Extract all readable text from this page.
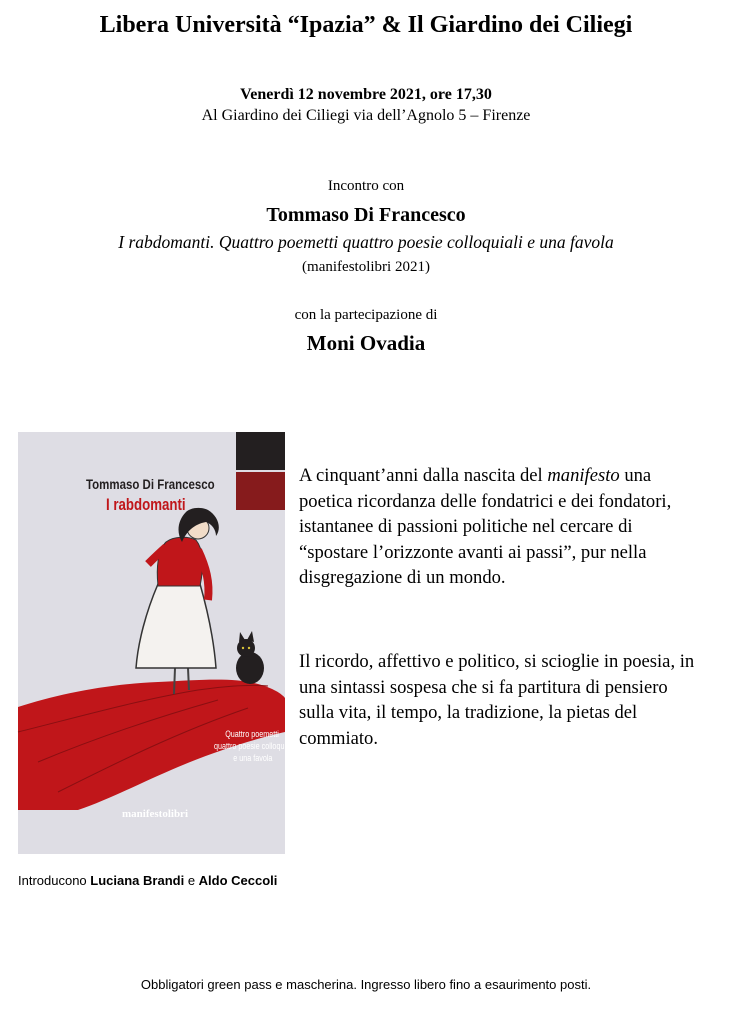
Libera Università “Ipazia” & Il Giardino dei Ciliegi
Venerdì 12 novembre 2021, ore 17,30
Al Giardino dei Ciliegi via dell’Agnolo 5 – Firenze
Incontro con
Tommaso Di Francesco
I rabdomanti. Quattro poemetti quattro poesie colloquiali e una favola
(manifestolibri 2021)
con la partecipazione di
Moni Ovadia
Tommaso Di Francesco
I rabdomanti
Quattro poemetti
quattro poesie colloquiali
e una favola
manifestolibri
A cinquant’anni dalla nascita del manifesto una poetica ricordanza delle fondatrici e dei fondatori, istantanee di passioni politiche nel cercare di “spostare l’orizzonte avanti ai passi”, pur nella disgregazione di un mondo.
Il ricordo, affettivo e politico, si scioglie in poesia, in una sintassi sospesa che si fa partitura di pensiero sulla vita, il tempo, la tradizione, la pietas del commiato.
Introducono Luciana Brandi e Aldo Ceccoli
Obbligatori green pass e mascherina. Ingresso libero fino a esaurimento posti.
